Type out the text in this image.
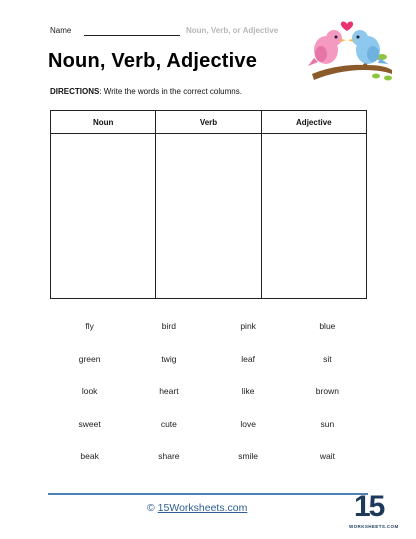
Name	Noun, Verb, or Adjective
Noun, Verb, Adjective
DIRECTIONS: Write the words in the correct columns.
Noun	Verb	Adjective
fly	bird	pink	blue
green	twig	leaf	sit
look	heart	like	brown
sweet	cute	love	sun
beak	share	smile	wait
© 15Worksheets.com	15
WORKSHEETS.COM
